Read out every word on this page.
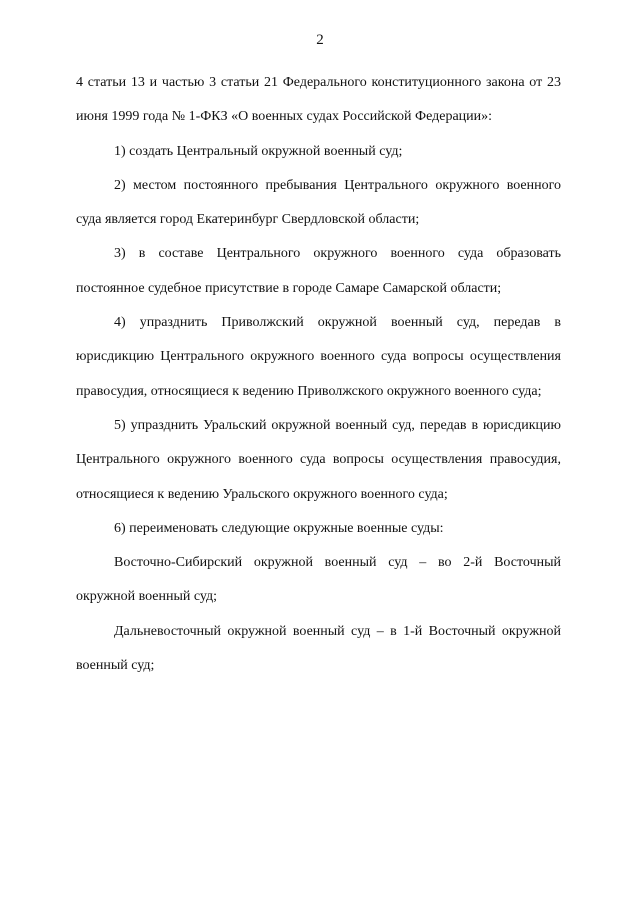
2

4 статьи 13 и частью 3 статьи 21 Федерального конституционного закона от 23 июня 1999 года № 1-ФКЗ «О военных судах Российской Федерации»:

1) создать Центральный окружной военный суд;

2) местом постоянного пребывания Центрального окружного военного суда является город Екатеринбург Свердловской области;

3) в составе Центрального окружного военного суда образовать постоянное судебное присутствие в городе Самаре Самарской области;

4) упразднить Приволжский окружной военный суд, передав в юрисдикцию Центрального окружного военного суда вопросы осуществления правосудия, относящиеся к ведению Приволжского окружного военного суда;

5) упразднить Уральский окружной военный суд, передав в юрисдикцию Центрального окружного военного суда вопросы осуществления правосудия, относящиеся к ведению Уральского окружного военного суда;

6) переименовать следующие окружные военные суды:

Восточно-Сибирский окружной военный суд – во 2-й Восточный окружной военный суд;

Дальневосточный окружной военный суд – в 1-й Восточный окружной военный суд;
